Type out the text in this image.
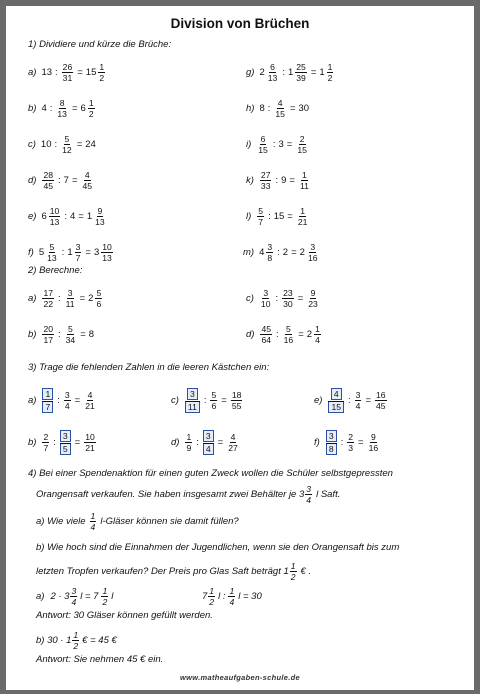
Division von Brüchen
1) Dividiere und kürze die Brüche:
a) 13 : $\frac{26}{31} = 15 \frac{1}{2}$	g) $2 \frac{6}{13}$ : $1 \frac{25}{39} = 1 \frac{1}{2}$
b) 4 : $\frac{8}{13} = 6 \frac{1}{2}$	h) 8 : $\frac{4}{15} = 30$
c) 10 : $\frac{5}{12} = 24$	$i) \frac{6}{15}$ : $3 = \frac{2}{15}$
$d) \frac{28}{45}$ : $7 = \frac{4}{45}$	$k) \frac{27}{33}$ : $9 = \frac{1}{11}$
e) $6 \frac{10}{13}$ : $4 = 1 \frac{9}{13}$	$l) \frac{5}{7}$ : $15 = \frac{1}{21}$
f) $5 \frac{5}{13}$ : $1 \frac{3}{7} = 3 \frac{10}{13}$	m) $4 \frac{3}{8}$ : $2 = 2 \frac{3}{16}$
2) Berechne:
$a) \frac{17}{22}$ : $\frac{3}{11} = 2 \frac{5}{6}$	$c) \frac{3}{10}$ : $\frac{23}{30} = \frac{9}{23}$
$b) \frac{20}{17}$ : $\frac{5}{34} = 8$	$d) \frac{45}{64}$ : $\frac{5}{16} = 2 \frac{1}{4}$
3) Trage die fehlenden Zahlen in die leeren Kästchen ein:
$a) \frac{1}{7}$ : $\frac{3}{4} = \frac{4}{21}$	$c) \frac{3}{11}$ : $\frac{5}{6} = \frac{18}{55}$	$e) \frac{4}{15}$ : $\frac{3}{4} = \frac{16}{45}$
$b) \frac{2}{7}$ : $\frac{3}{5} = \frac{10}{21}$	$d) \frac{1}{9}$ : $\frac{3}{4} = \frac{4}{27}$	$f) \frac{3}{8}$ : $\frac{2}{3} = \frac{9}{16}$
4) Bei einer Spendenaktion für einen guten Zweck wollen die Schüler selbstgepressten
Orangensaft verkaufen. Sie haben insgesamt zwei Behälter je $3 \frac{3}{4}$ l Saft.
a) Wie viele $\frac{1}{4}$ l-Gläser können sie damit füllen?
b) Wie hoch sind die Einnahmen der Jugendlichen, wenn sie den Orangensaft bis zum
letzten Tropfen verkaufen? Der Preis pro Glas Saft beträgt $1 \frac{1}{2}$ € .
a) $2 \cdot 3 \frac{3}{4}$ $l = 7 \frac{1}{2}$ l	$7 \frac{1}{2}$ l : $\frac{1}{4}$ l = 30
Antwort: 30 Gläser können gefüllt werden.
b) $30 \cdot 1 \frac{1}{2}$ € = 45 €
Antwort: Sie nehmen 45 € ein.
www.matheaufgaben-schule.de
